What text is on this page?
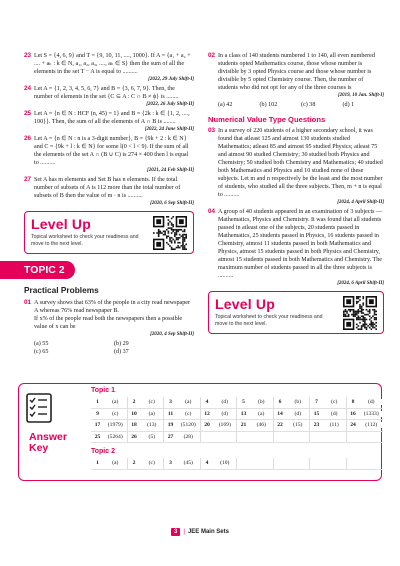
23 Let S = {4, 6, 9} and T = {9, 10, 11, ...., 1000}. If A = {a₁ + a₂ + .... + aₖ : k ∈ N, a₁, a₂, a₃, ...., aₖ ∈ S} then the sum of all the elements in the set T − A is equal to ..........
[2022, 29 July Shift-I]
24 Let A = {1, 2, 3, 4, 5, 6, 7} and B = {3, 6, 7, 9}. Then, the number of elements in the set {C ⊆ A : C ∩ B ≠ ϕ} is ........
[2022, 26 July Shift-II]
25 Let A = {n ∈ N : HCF (n, 45) = 1} and B = {2k : k ∈ {1, 2, ...., 100}}. Then, the sum of all the elements of A ∩ B is ........
[2022, 24 June Shift-II]
26 Let A = {n ∈ N : n is a 3-digit number}, B = {9k + 2 : k ∈ N} and C = {9k + l : k ∈ N} for some l(0 < l < 9). If the sum of all the elements of the set A ∩ (B ∪ C) is 274 × 400 then l is equal to ..........
[2021, 24 Feb Shift-II]
27 Set A has m elements and Set B has n elements. If the total number of subsets of A is 112 more than the total number of subsets of B then the value of m · n is ..........
[2020, 6 Sep Shift-II]
Level Up
Topical worksheet to check your readiness and move to the next level.
TOPIC 2
Practical Problems
01 A survey shows that 63% of the people in a city read newspaper A whereas 76% read newspaper B.
If x% of the people read both the newspapers then a possible value of x can be
[2020, 4 Sep Shift-II]
(a) 55	(b) 29
(c) 65	(d) 37
02 In a class of 140 students numbered 1 to 140, all even numbered students opted Mathematics course, those whose number is divisible by 3 opted Physics course and those whose number is divisible by 5 opted Chemistry course. Then, the number of students who did not opt for any of the three courses is
[2019, 10 Jan. Shift-I]
(a) 42	(b) 102	(c) 38	(d) 1
Numerical Value Type Questions
03 In a survey of 220 students of a higher secondary school, it was found that atleast 125 and atmost 130 students studied Mathematics; atleast 85 and atmost 95 studied Physics; atleast 75 and atmost 90 studied Chemistry; 30 studied both Physics and Chemistry; 50 studied both Chemistry and Mathematics; 40 studied both Mathematics and Physics and 10 studied none of these subjects. Let m and n respectively be the least and the most number of students, who studied all the three subjects. Then, m + n is equal to ..........
[2024, 4 April Shift-II]
04 A group of 40 students appeared in an examination of 3 subjects — Mathematics, Physics and Chemistry. It was found that all students passed in atleast one of the subjects, 20 students passed in Mathematics, 25 students passed in Physics, 16 students passed in Chemistry, atmost 11 students passed in both Mathematics and Physics, atmost 15 students passed in both Physics and Chemistry, atmost 15 students passed in both Mathematics and Chemistry. The maximum number of students passed in all the three subjects is ..........
[2024, 6 April Shift-II]
Level Up
Topical worksheet to check your readiness and move to the next level.
Answer
Key
Topic 1
1	(a)	2	(c)	3	(a)	4	(d)	5	(b)	6	(b)	7	(c)	8	(d)
9	(c)	10	(a)	11	(c)	12	(d)	13	(a)	14	(d)	15	(d)	16	(1333)
17	(1979)	18	(13)	19	(5120)	20	(169)	21	(46)	22	(15)	23	(11)	24	(112)
25	(5264)	26	(5)	27	(28)
Topic 2
1	(a)	2	(c)	3	(45)	4	(10)
3 | JEE Main Sets
